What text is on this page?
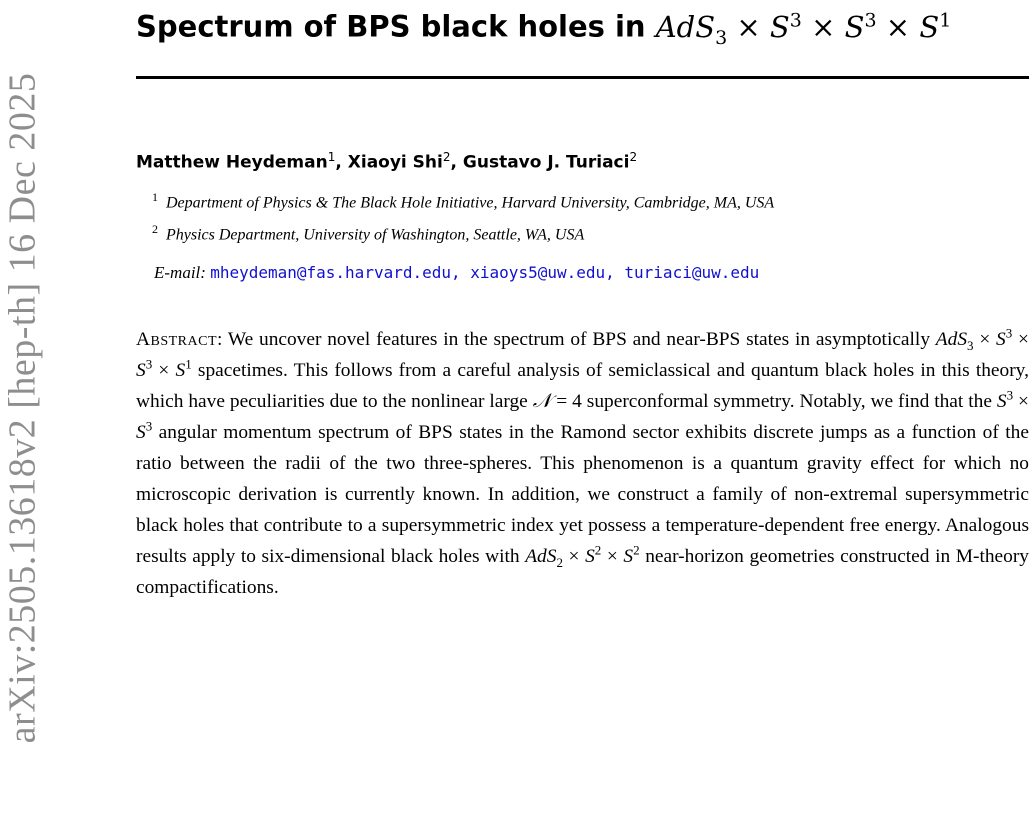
arXiv:2505.13618v2 [hep-th] 16 Dec 2025
Spectrum of BPS black holes in $AdS_3 \times S^3 \times S^3 \times S^1$
Matthew Heydeman$^1$, Xiaoyi Shi$^2$, Gustavo J. Turiaci$^2$
$^1$ Department of Physics & The Black Hole Initiative, Harvard University, Cambridge, MA, USA
$^2$ Physics Department, University of Washington, Seattle, WA, USA
E-mail: mheydeman@fas.harvard.edu, xiaoys5@uw.edu, turiaci@uw.edu
Abstract: We uncover novel features in the spectrum of BPS and near-BPS states in asymptotically $AdS_3 \times S^3 \times S^3 \times S^1$ spacetimes. This follows from a careful analysis of semiclassical and quantum black holes in this theory, which have peculiarities due to the nonlinear large 𝒩 = 4 superconformal symmetry. Notably, we find that the $S^3 \times S^3$ angular momentum spectrum of BPS states in the Ramond sector exhibits discrete jumps as a function of the ratio between the radii of the two three-spheres. This phenomenon is a quantum gravity effect for which no microscopic derivation is currently known. In addition, we construct a family of non-extremal supersymmetric black holes that contribute to a supersymmetric index yet possess a temperature-dependent free energy. Analogous results apply to six-dimensional black holes with $AdS_2 \times S^2 \times S^2$ near-horizon geometries constructed in M-theory compactifications.
